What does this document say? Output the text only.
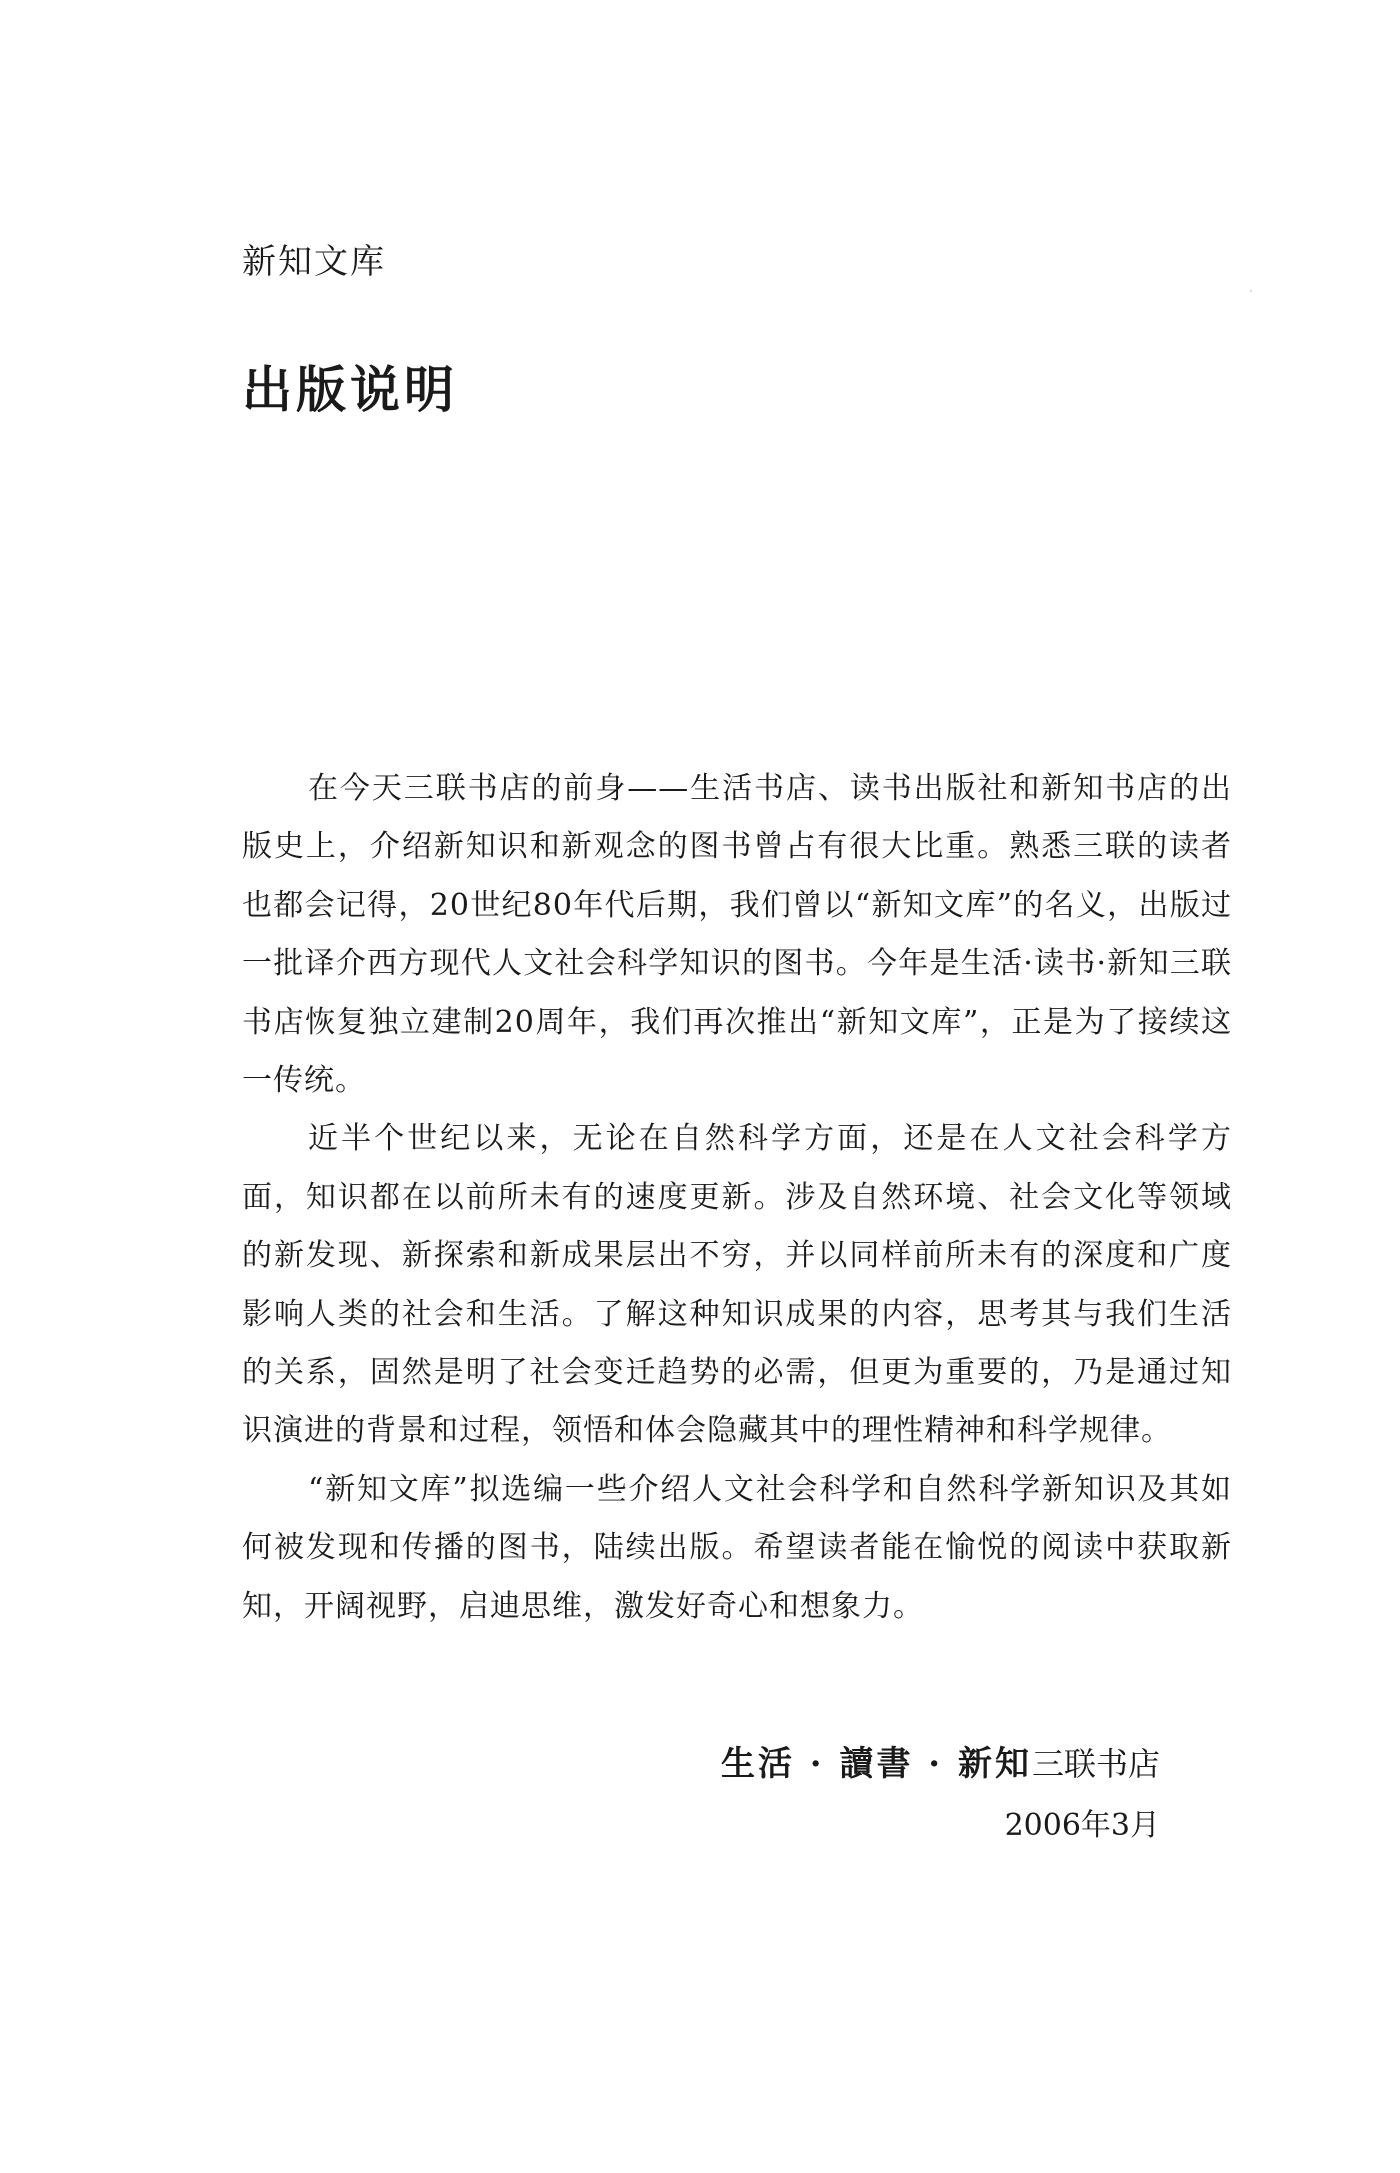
新知文库
出版说明

在今天三联书店的前身——生活书店、读书出版社和新知书店的出版史上，介绍新知识和新观念的图书曾占有很大比重。熟悉三联的读者也都会记得，20世纪80年代后期，我们曾以“新知文库”的名义，出版过一批译介西方现代人文社会科学知识的图书。今年是生活·读书·新知三联书店恢复独立建制20周年，我们再次推出“新知文库”，正是为了接续这一传统。

近半个世纪以来，无论在自然科学方面，还是在人文社会科学方面，知识都在以前所未有的速度更新。涉及自然环境、社会文化等领域的新发现、新探索和新成果层出不穷，并以同样前所未有的深度和广度影响人类的社会和生活。了解这种知识成果的内容，思考其与我们生活的关系，固然是明了社会变迁趋势的必需，但更为重要的，乃是通过知识演进的背景和过程，领悟和体会隐藏其中的理性精神和科学规律。

“新知文库”拟选编一些介绍人文社会科学和自然科学新知识及其如何被发现和传播的图书，陆续出版。希望读者能在愉悦的阅读中获取新知，开阔视野，启迪思维，激发好奇心和想象力。

生活 · 讀書 · 新知三联书店
2006年3月
